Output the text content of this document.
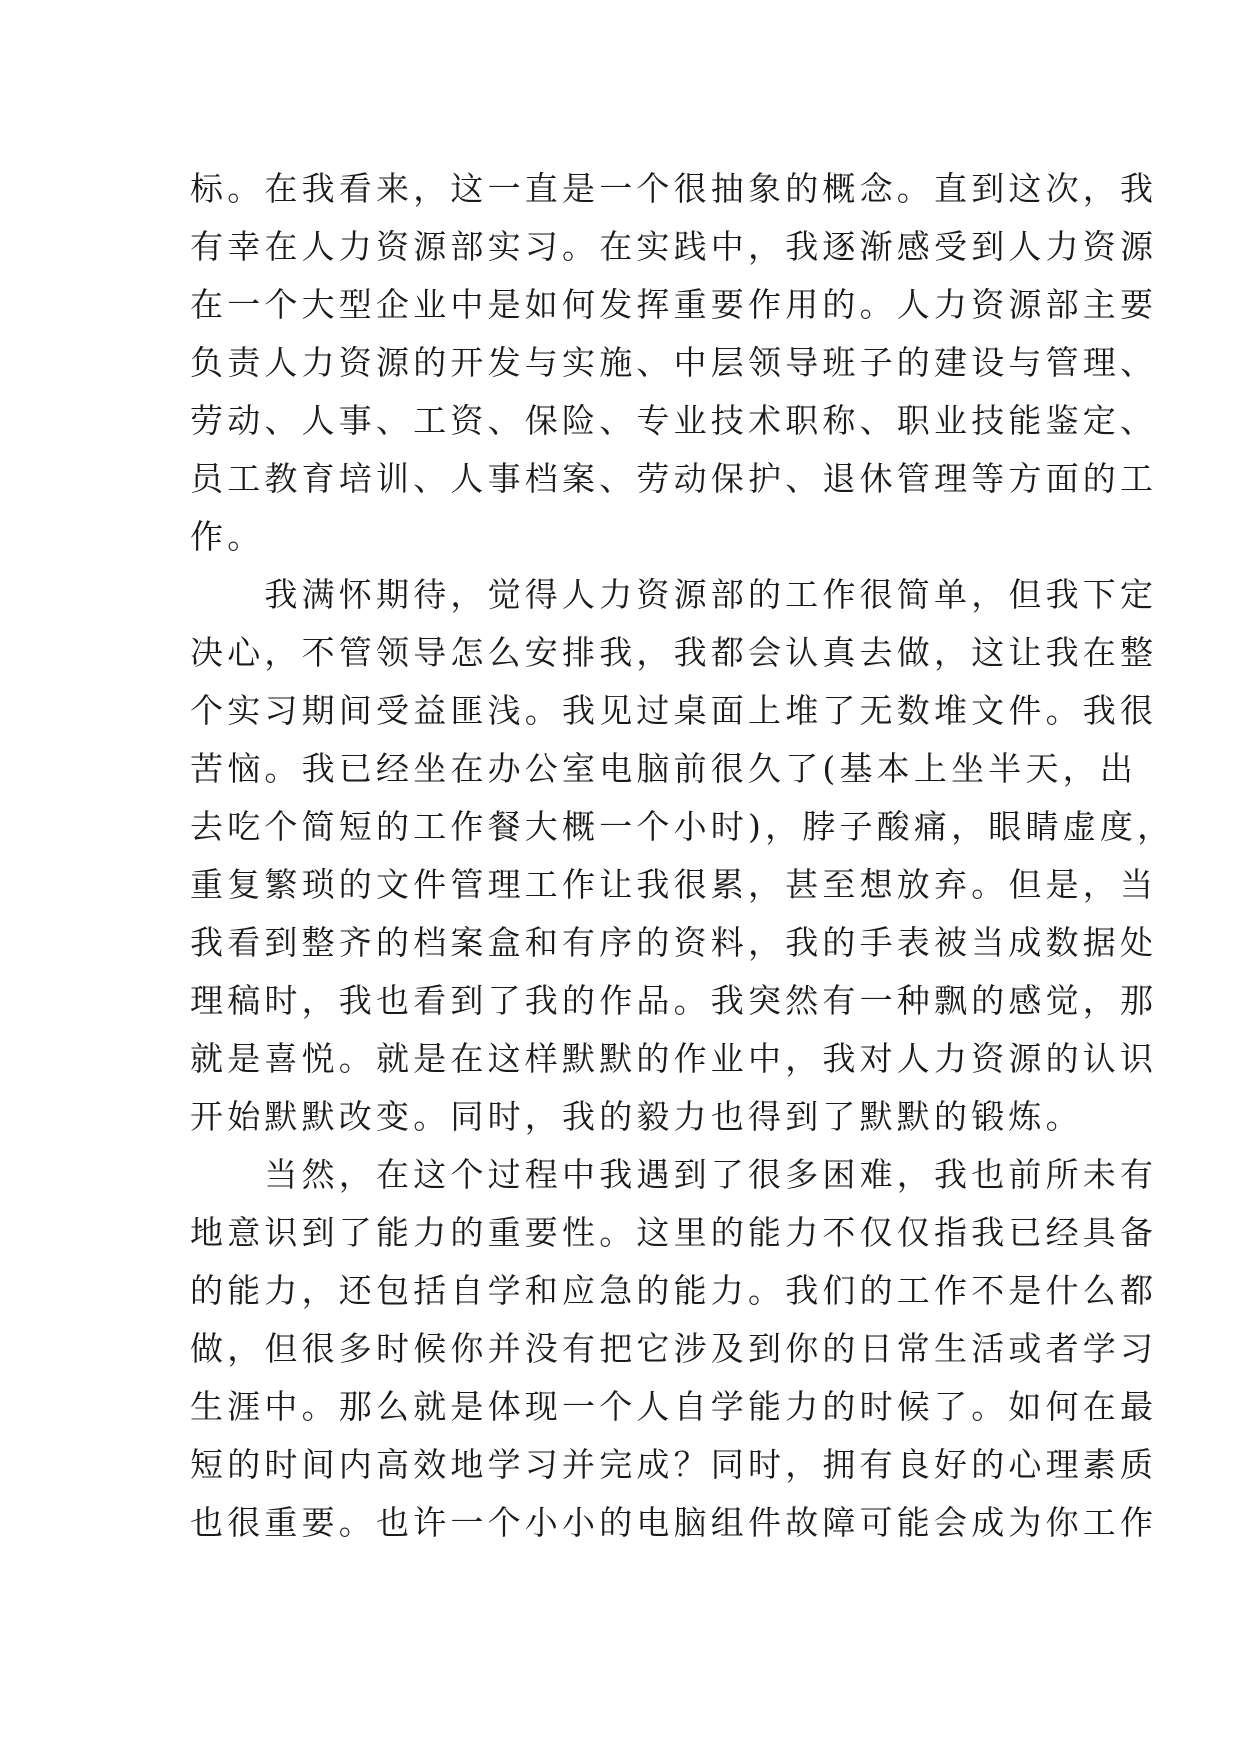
标。在我看来，这一直是一个很抽象的概念。直到这次，我
有幸在人力资源部实习。在实践中，我逐渐感受到人力资源
在一个大型企业中是如何发挥重要作用的。人力资源部主要
负责人力资源的开发与实施、中层领导班子的建设与管理、
劳动、人事、工资、保险、专业技术职称、职业技能鉴定、
员工教育培训、人事档案、劳动保护、退休管理等方面的工
作。
　　我满怀期待，觉得人力资源部的工作很简单，但我下定
决心，不管领导怎么安排我，我都会认真去做，这让我在整
个实习期间受益匪浅。我见过桌面上堆了无数堆文件。我很
苦恼。我已经坐在办公室电脑前很久了(基本上坐半天，出
去吃个简短的工作餐大概一个小时)，脖子酸痛，眼睛虚度，
重复繁琐的文件管理工作让我很累，甚至想放弃。但是，当
我看到整齐的档案盒和有序的资料，我的手表被当成数据处
理稿时，我也看到了我的作品。我突然有一种飘的感觉，那
就是喜悦。就是在这样默默的作业中，我对人力资源的认识
开始默默改变。同时，我的毅力也得到了默默的锻炼。
　　当然，在这个过程中我遇到了很多困难，我也前所未有
地意识到了能力的重要性。这里的能力不仅仅指我已经具备
的能力，还包括自学和应急的能力。我们的工作不是什么都
做，但很多时候你并没有把它涉及到你的日常生活或者学习
生涯中。那么就是体现一个人自学能力的时候了。如何在最
短的时间内高效地学习并完成？同时，拥有良好的心理素质
也很重要。也许一个小小的电脑组件故障可能会成为你工作
